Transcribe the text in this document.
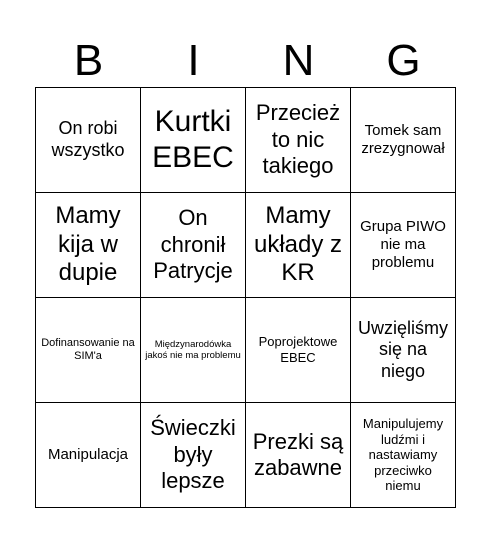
B	I	N	G
On robi wszystko
Kurtki EBEC
Przecież to nic takiego
Tomek sam zrezygnował
Mamy kija w dupie
On chronił Patrycje
Mamy układy z KR
Grupa PIWO nie ma problemu
Dofinansowanie na SIM'a
Międzynarodówka jakoś nie ma problemu
Poprojektowe EBEC
Uwzięliśmy się na niego
Manipulacja
Świeczki były lepsze
Prezki są zabawne
Manipulujemy ludźmi i nastawiamy przeciwko niemu
